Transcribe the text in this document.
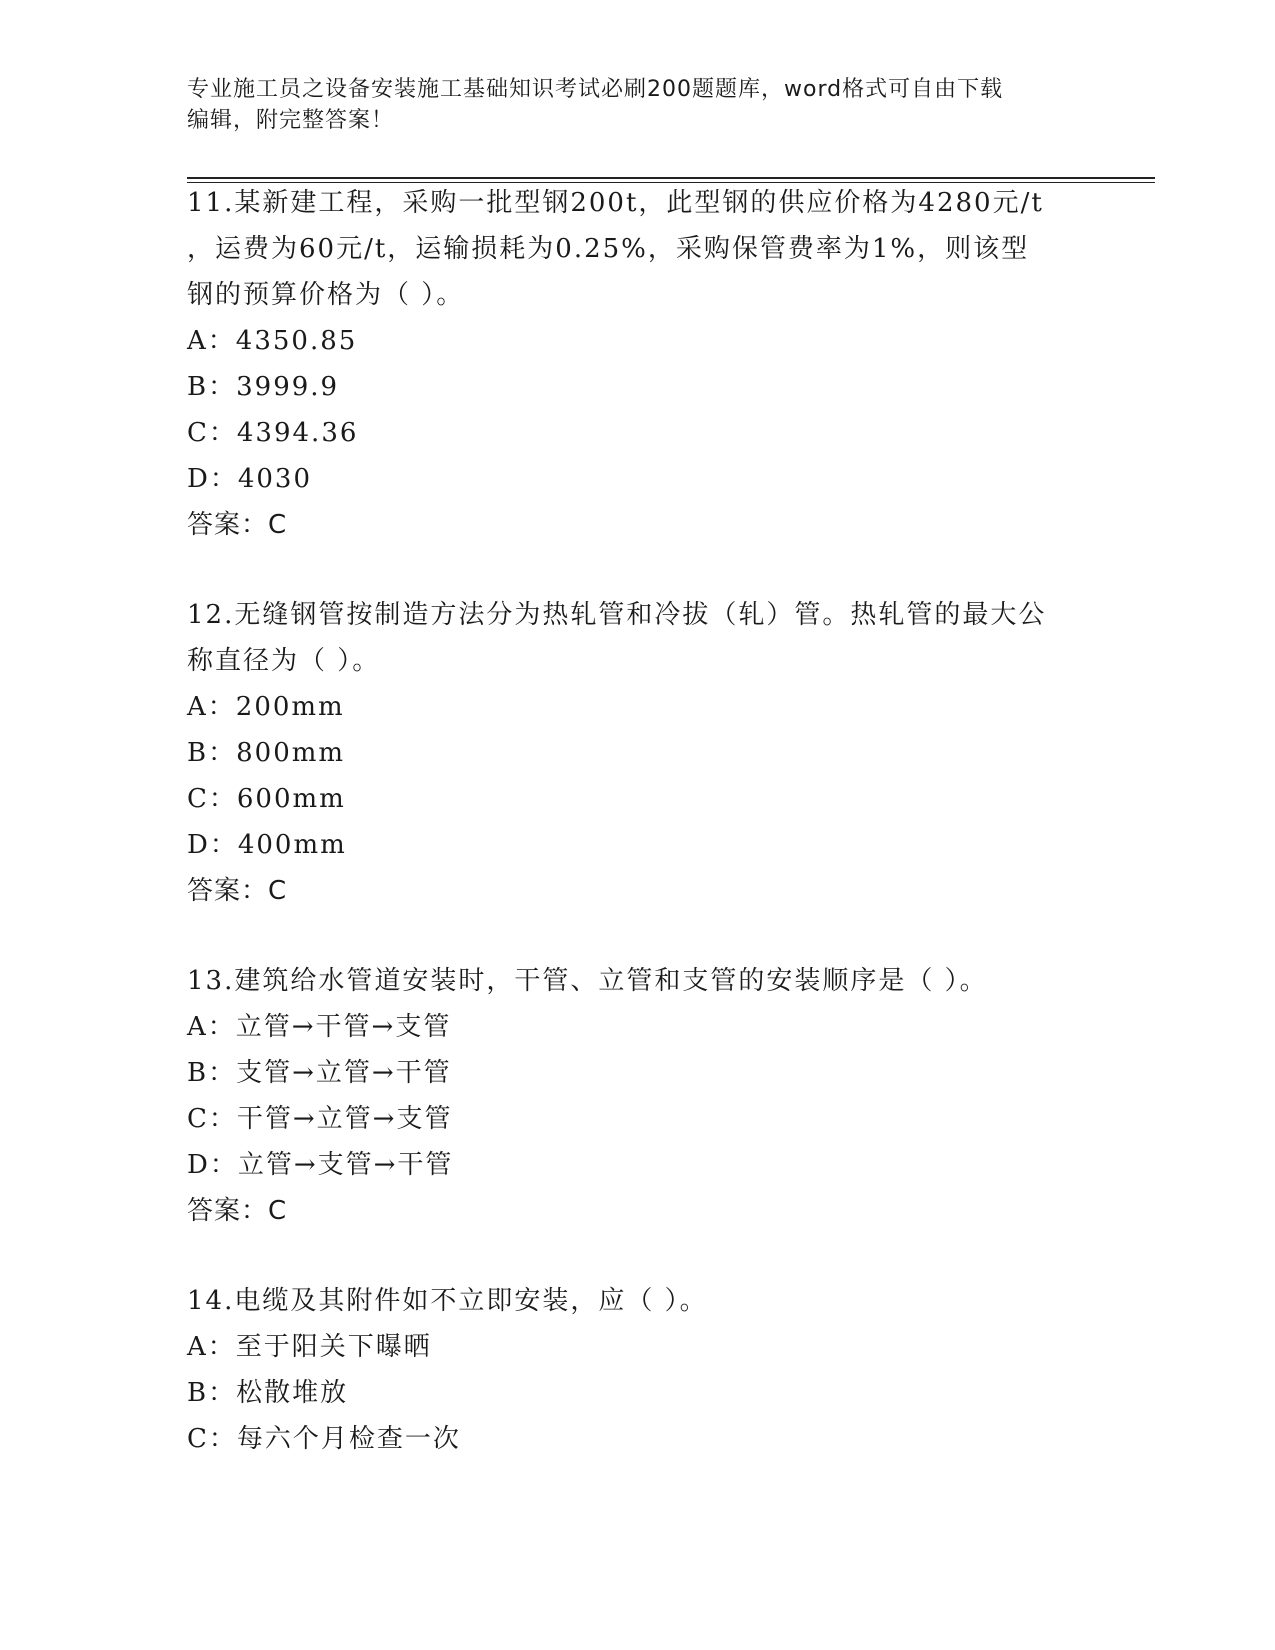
专业施工员之设备安装施工基础知识考试必刷200题题库，word格式可自由下载
编辑，附完整答案！
11.某新建工程，采购一批型钢200t，此型钢的供应价格为4280元/t
，运费为60元/t，运输损耗为0.25%，采购保管费率为1%，则该型
钢的预算价格为（ ）。
A：4350.85
B：3999.9
C：4394.36
D：4030
答案：C
12.无缝钢管按制造方法分为热轧管和冷拔（轧）管。热轧管的最大公
称直径为（ ）。
A：200mm
B：800mm
C：600mm
D：400mm
答案：C
13.建筑给水管道安装时，干管、立管和支管的安装顺序是（ ）。
A：立管→干管→支管
B：支管→立管→干管
C：干管→立管→支管
D：立管→支管→干管
答案：C
14.电缆及其附件如不立即安装，应（ ）。
A：至于阳关下曝晒
B：松散堆放
C：每六个月检查一次
